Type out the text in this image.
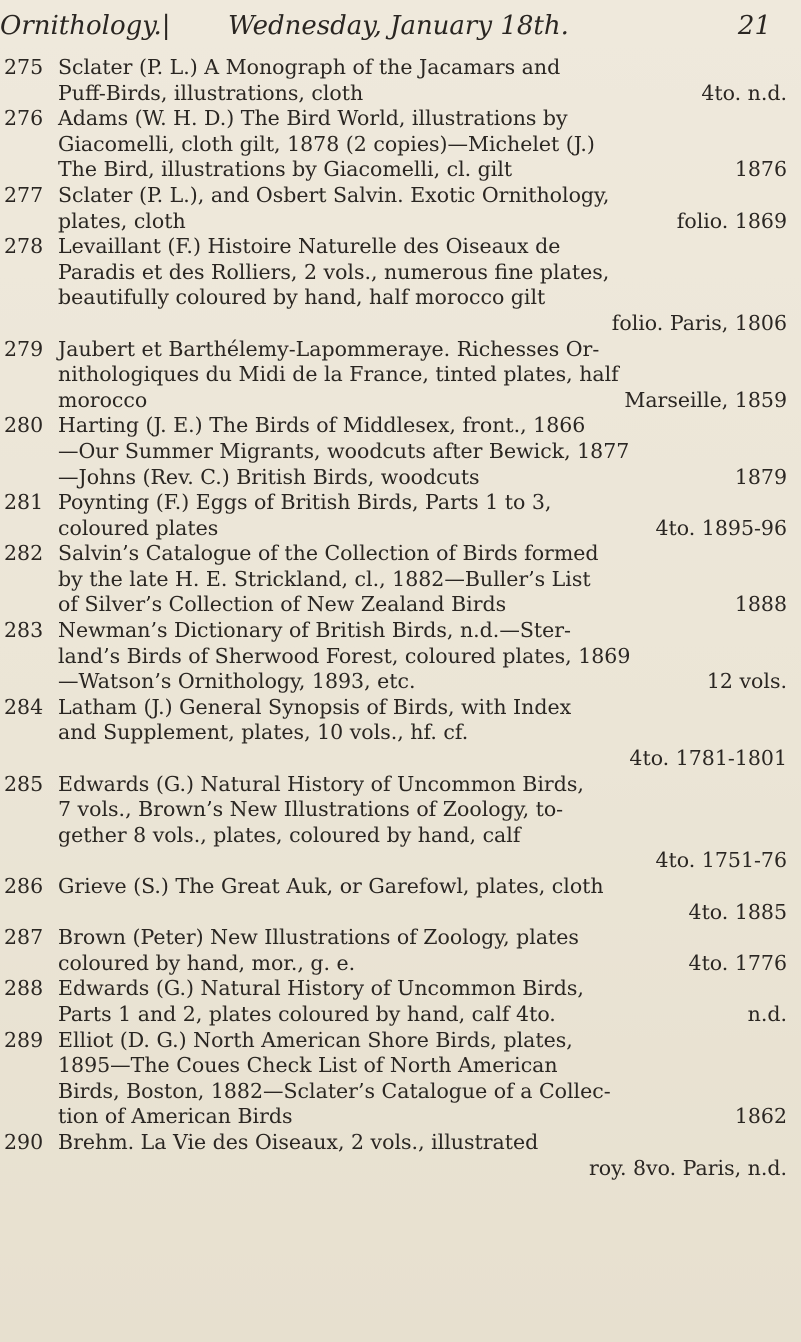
Ornithology.| Wednesday, January 18th.	21
275 Sclater (P. L.) A Monograph of the Jacamars and
Puff-Birds, illustrations, cloth	4to. n.d.
276 Adams (W. H. D.) The Bird World, illustrations by
Giacomelli, cloth gilt, 1878 (2 copies)—Michelet (J.)
The Bird, illustrations by Giacomelli, cl. gilt	1876
277 Sclater (P. L.), and Osbert Salvin. Exotic Ornithology,
plates, cloth	folio. 1869
278 Levaillant (F.) Histoire Naturelle des Oiseaux de
Paradis et des Rolliers, 2 vols., numerous fine plates,
beautifully coloured by hand, half morocco gilt
folio. Paris, 1806
279 Jaubert et Barthélemy-Lapommeraye. Richesses Or-
nithologiques du Midi de la France, tinted plates, half
morocco	Marseille, 1859
280 Harting (J. E.) The Birds of Middlesex, front., 1866
—Our Summer Migrants, woodcuts after Bewick, 1877
—Johns (Rev. C.) British Birds, woodcuts	1879
281 Poynting (F.) Eggs of British Birds, Parts 1 to 3,
coloured plates	4to. 1895-96
282 Salvin’s Catalogue of the Collection of Birds formed
by the late H. E. Strickland, cl., 1882—Buller’s List
of Silver’s Collection of New Zealand Birds	1888
283 Newman’s Dictionary of British Birds, n.d.—Ster-
land’s Birds of Sherwood Forest, coloured plates, 1869
—Watson’s Ornithology, 1893, etc.	12 vols.
284 Latham (J.) General Synopsis of Birds, with Index
and Supplement, plates, 10 vols., hf. cf.
4to. 1781-1801
285 Edwards (G.) Natural History of Uncommon Birds,
7 vols., Brown’s New Illustrations of Zoology, to-
gether 8 vols., plates, coloured by hand, calf
4to. 1751-76
286 Grieve (S.) The Great Auk, or Garefowl, plates, cloth
4to. 1885
287 Brown (Peter) New Illustrations of Zoology, plates
coloured by hand, mor., g. e.	4to. 1776
288 Edwards (G.) Natural History of Uncommon Birds,
Parts 1 and 2, plates coloured by hand, calf 4to.	n.d.
289 Elliot (D. G.) North American Shore Birds, plates,
1895—The Coues Check List of North American
Birds, Boston, 1882—Sclater’s Catalogue of a Collec-
tion of American Birds	1862
290 Brehm. La Vie des Oiseaux, 2 vols., illustrated
roy. 8vo. Paris, n.d.
